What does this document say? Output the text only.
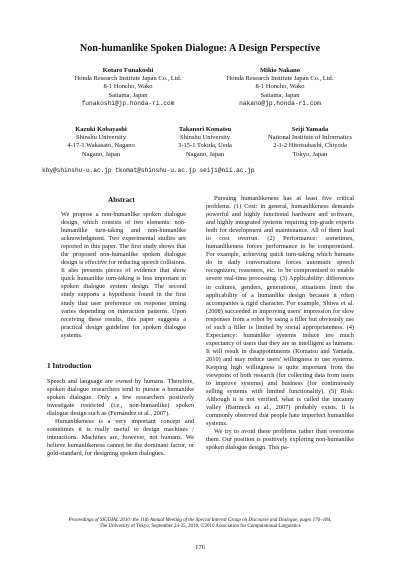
Non-humanlike Spoken Dialogue: A Design Perspective
Kotaro Funakoshi
Honda Research Institute Japan Co., Ltd.
8-1 Honcho, Wako
Saitama, Japan
funakoshi@jp.honda-ri.com
Mikio Nakano
Honda Research Institute Japan Co., Ltd.
8-1 Honcho, Wako
Saitama, Japan
nakano@jp.honda-ri.com
Kazuki Kobayashi
Shinshu University
4-17-1 Wakasato, Nagano
Nagano, Japan
Takanori Komatsu
Shinshu University
3-15-1 Tokida, Ueda
Nagano, Japan
Seiji Yamada
National Institute of Informatics
2-1-2 Hitotsubashi, Chiyoda
Tokyo, Japan
kby@shinshu-u.ac.jp tkomat@shinshu-u.ac.jp seiji@nii.ac.jp
Abstract

We propose a non-humanlike spoken dialogue design, which consists of two elements: non-humanlike turn-taking and non-humanlike acknowledgment. Two experimental studies are reported in this paper. The first study shows that the proposed non-humanlike spoken dialogue design is effective for reducing speech collisions. It also presents pieces of evidence that show quick humanlike turn-taking is less important in spoken dialogue system design. The second study supports a hypothesis found in the first study that user preference on response timing varies depending on interaction patterns. Upon receiving these results, this paper suggests a practical design guideline for spoken dialogue systems.

1 Introduction

Speech and language are owned by humans. Therefore, spoken dialogue researchers tend to pursue a humanlike spoken dialogue. Only a few researchers positively investigate restricted (i.e., non-humanlike) spoken dialogue design such as (Fernández et al., 2007).

Humanlikeness is a very important concept and sometimes it is really useful to design machines / interactions. Machines are, however, not humans. We believe humanlikeness cannot be the dominant factor, or gold-standard, for designing spoken dialogues.

Pursuing humanlikeness has at least five critical problems. (1) Cost: in general, humanlikeness demands powerful and highly functional hardware and software, and highly integrated systems requiring top-grade experts both for development and maintenance. All of them lead to cost overrun. (2) Performance: sometimes, humanlikeness forces performance to be compromised. For example, achieving quick turn-taking which humans do in daily conversations forces automatic speech recognizers, reasoners, etc. to be compromised to enable severe real-time processing. (3) Applicability: differences in cultures, genders, generations, situations limit the applicability of a humanlike design because it often accompanies a rigid character. For example, Shiwa et al. (2008) succeeded in improving users' impression for slow responses from a robot by using a filler but obviously use of such a filler is limited by social appropriateness. (4) Expectancy: humanlike systems induce too much expectancy of users that they are as intelligent as humans. It will result in disappointments (Komatsu and Yamada, 2010) and may reduce users' willingness to use systems. Keeping high willingness is quite important from the viewpoint of both research (for collecting data from users to improve systems) and business (for continuously selling systems with limited functionality). (5) Risk: Although it is not verified, what is called the uncanny valley (Bartneck et al., 2007) probably exists. It is commonly observed that people hate imperfect humanlike systems.

We try to avoid these problems rather than overcome them. Our position is positively exploring non-humanlike spoken dialogue design. This pa-

Proceedings of SIGDIAL 2010: the 11th Annual Meeting of the Special Interest Group on Discourse and Dialogue, pages 176–184,
The University of Tokyo, September 24-25, 2010. ©2010 Association for Computational Linguistics
176
